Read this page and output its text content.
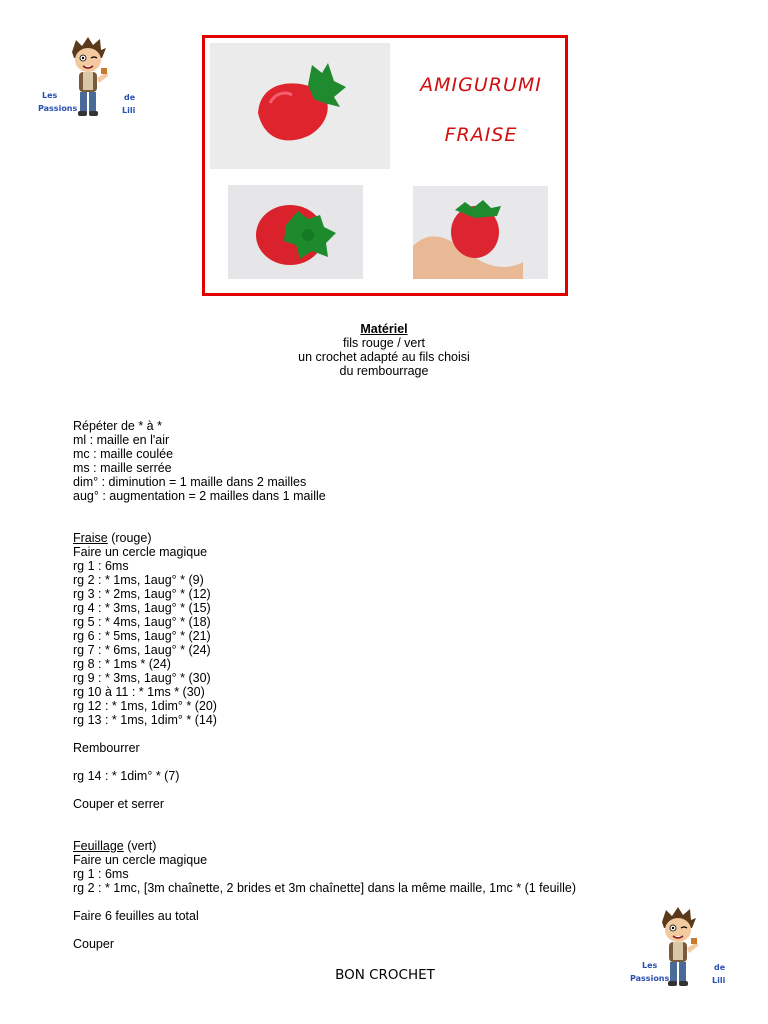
Les
Passions
de
Lili
AMIGURUMI
FRAISE
Matériel
fils rouge / vert
un crochet adapté au fils choisi
du rembourrage
Répéter de * à *
ml : maille en l'air
mc : maille coulée
ms : maille serrée
dim° : diminution = 1 maille dans 2 mailles
aug° : augmentation = 2 mailles dans 1 maille
Fraise (rouge)
Faire un cercle magique
rg 1 : 6ms
rg 2 : * 1ms, 1aug° * (9)
rg 3 : * 2ms, 1aug° * (12)
rg 4 : * 3ms, 1aug° * (15)
rg 5 : * 4ms, 1aug° * (18)
rg 6 : * 5ms, 1aug° * (21)
rg 7 : * 6ms, 1aug° * (24)
rg 8 : * 1ms * (24)
rg 9 : * 3ms, 1aug° * (30)
rg 10 à 11 : * 1ms * (30)
rg 12 : * 1ms, 1dim° * (20)
rg 13 : * 1ms, 1dim° * (14)
Rembourrer
rg 14 : * 1dim° * (7)
Couper et serrer
Feuillage (vert)
Faire un cercle magique
rg 1 : 6ms
rg 2 : * 1mc, [3m chaînette, 2 brides et 3m chaînette] dans la même maille, 1mc * (1 feuille)
Faire 6 feuilles au total
Couper
Les
Passions
de
Lili
BON CROCHET
